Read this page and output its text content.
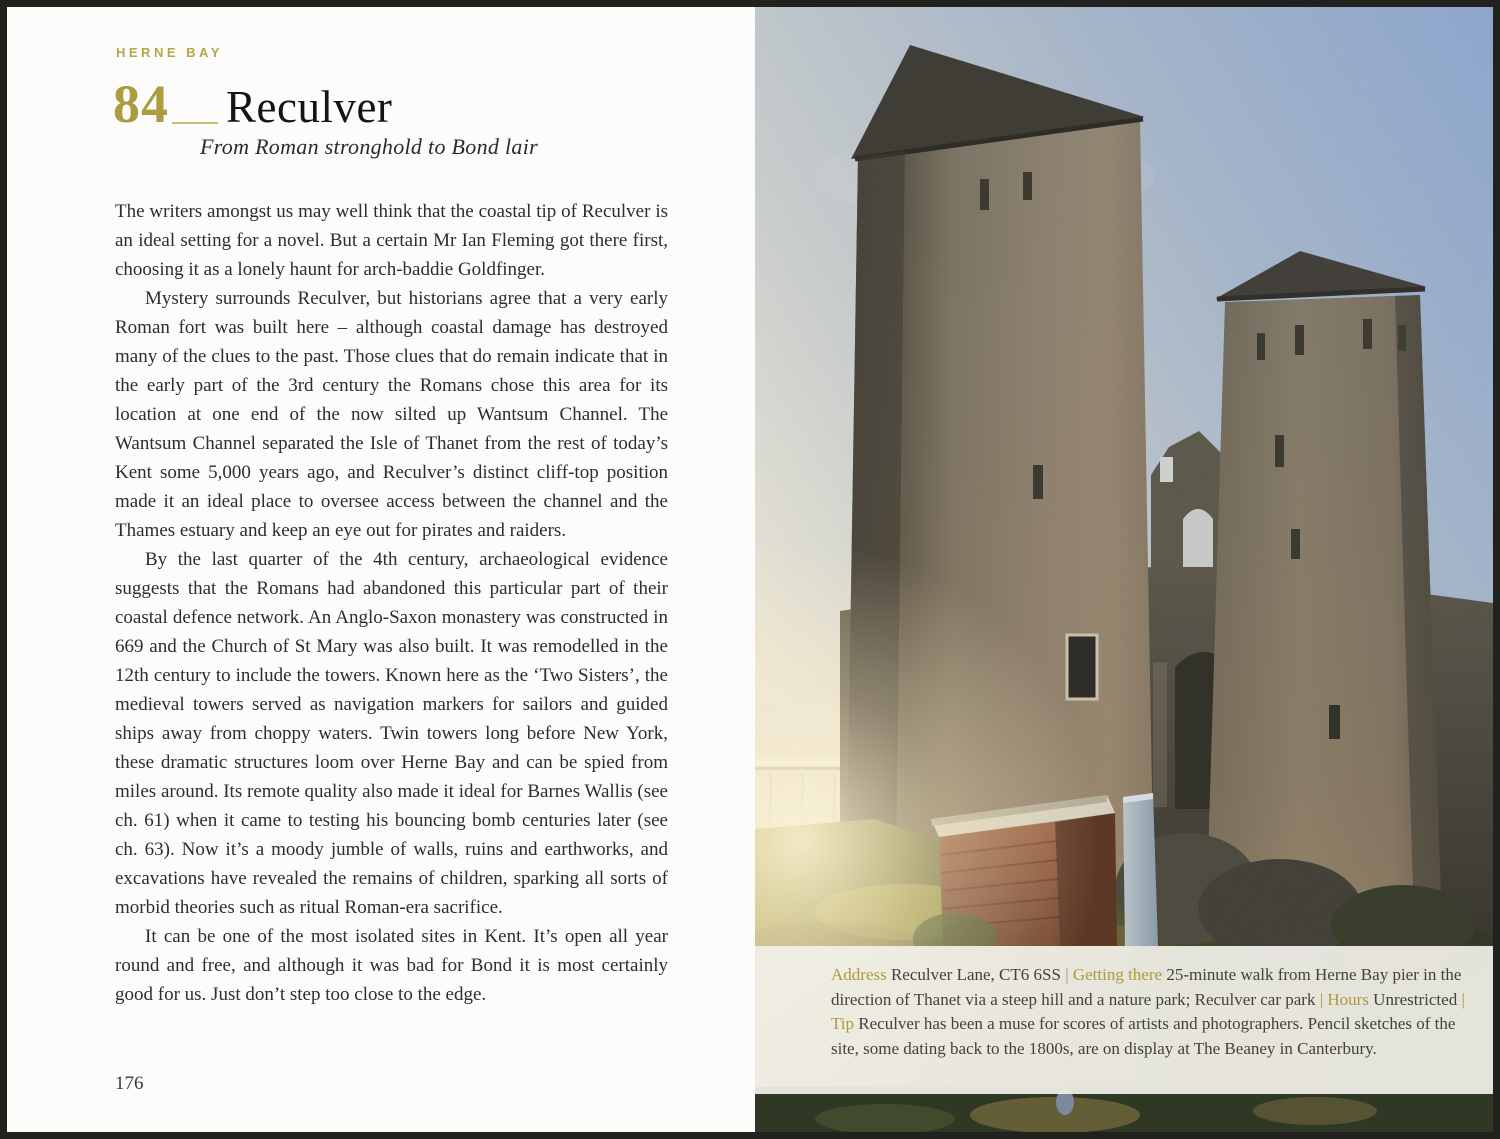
HERNE BAY
84 Reculver
From Roman stronghold to Bond lair

The writers amongst us may well think that the coastal tip of Reculver is an ideal setting for a novel. But a certain Mr Ian Fleming got there first, choosing it as a lonely haunt for arch-baddie Goldfinger.

Mystery surrounds Reculver, but historians agree that a very early Roman fort was built here – although coastal damage has destroyed many of the clues to the past. Those clues that do remain indicate that in the early part of the 3rd century the Romans chose this area for its location at one end of the now silted up Wantsum Channel. The Wantsum Channel separated the Isle of Thanet from the rest of today’s Kent some 5,000 years ago, and Reculver’s distinct cliff-top position made it an ideal place to oversee access between the channel and the Thames estuary and keep an eye out for pirates and raiders.

By the last quarter of the 4th century, archaeological evidence suggests that the Romans had abandoned this particular part of their coastal defence network. An Anglo-Saxon monastery was constructed in 669 and the Church of St Mary was also built. It was remodelled in the 12th century to include the towers. Known here as the ‘Two Sisters’, the medieval towers served as navigation markers for sailors and guided ships away from choppy waters. Twin towers long before New York, these dramatic structures loom over Herne Bay and can be spied from miles around. Its remote quality also made it ideal for Barnes Wallis (see ch. 61) when it came to testing his bouncing bomb centuries later (see ch. 63). Now it’s a moody jumble of walls, ruins and earthworks, and excavations have revealed the remains of children, sparking all sorts of morbid theories such as ritual Roman-era sacrifice.

It can be one of the most isolated sites in Kent. It’s open all year round and free, and although it was bad for Bond it is most certainly good for us. Just don’t step too close to the edge.

176
Address Reculver Lane, CT6 6SS | Getting there 25-minute walk from Herne Bay pier in the direction of Thanet via a steep hill and a nature park; Reculver car park | Hours Unrestricted | Tip Reculver has been a muse for scores of artists and photographers. Pencil sketches of the site, some dating back to the 1800s, are on display at The Beaney in Canterbury.
